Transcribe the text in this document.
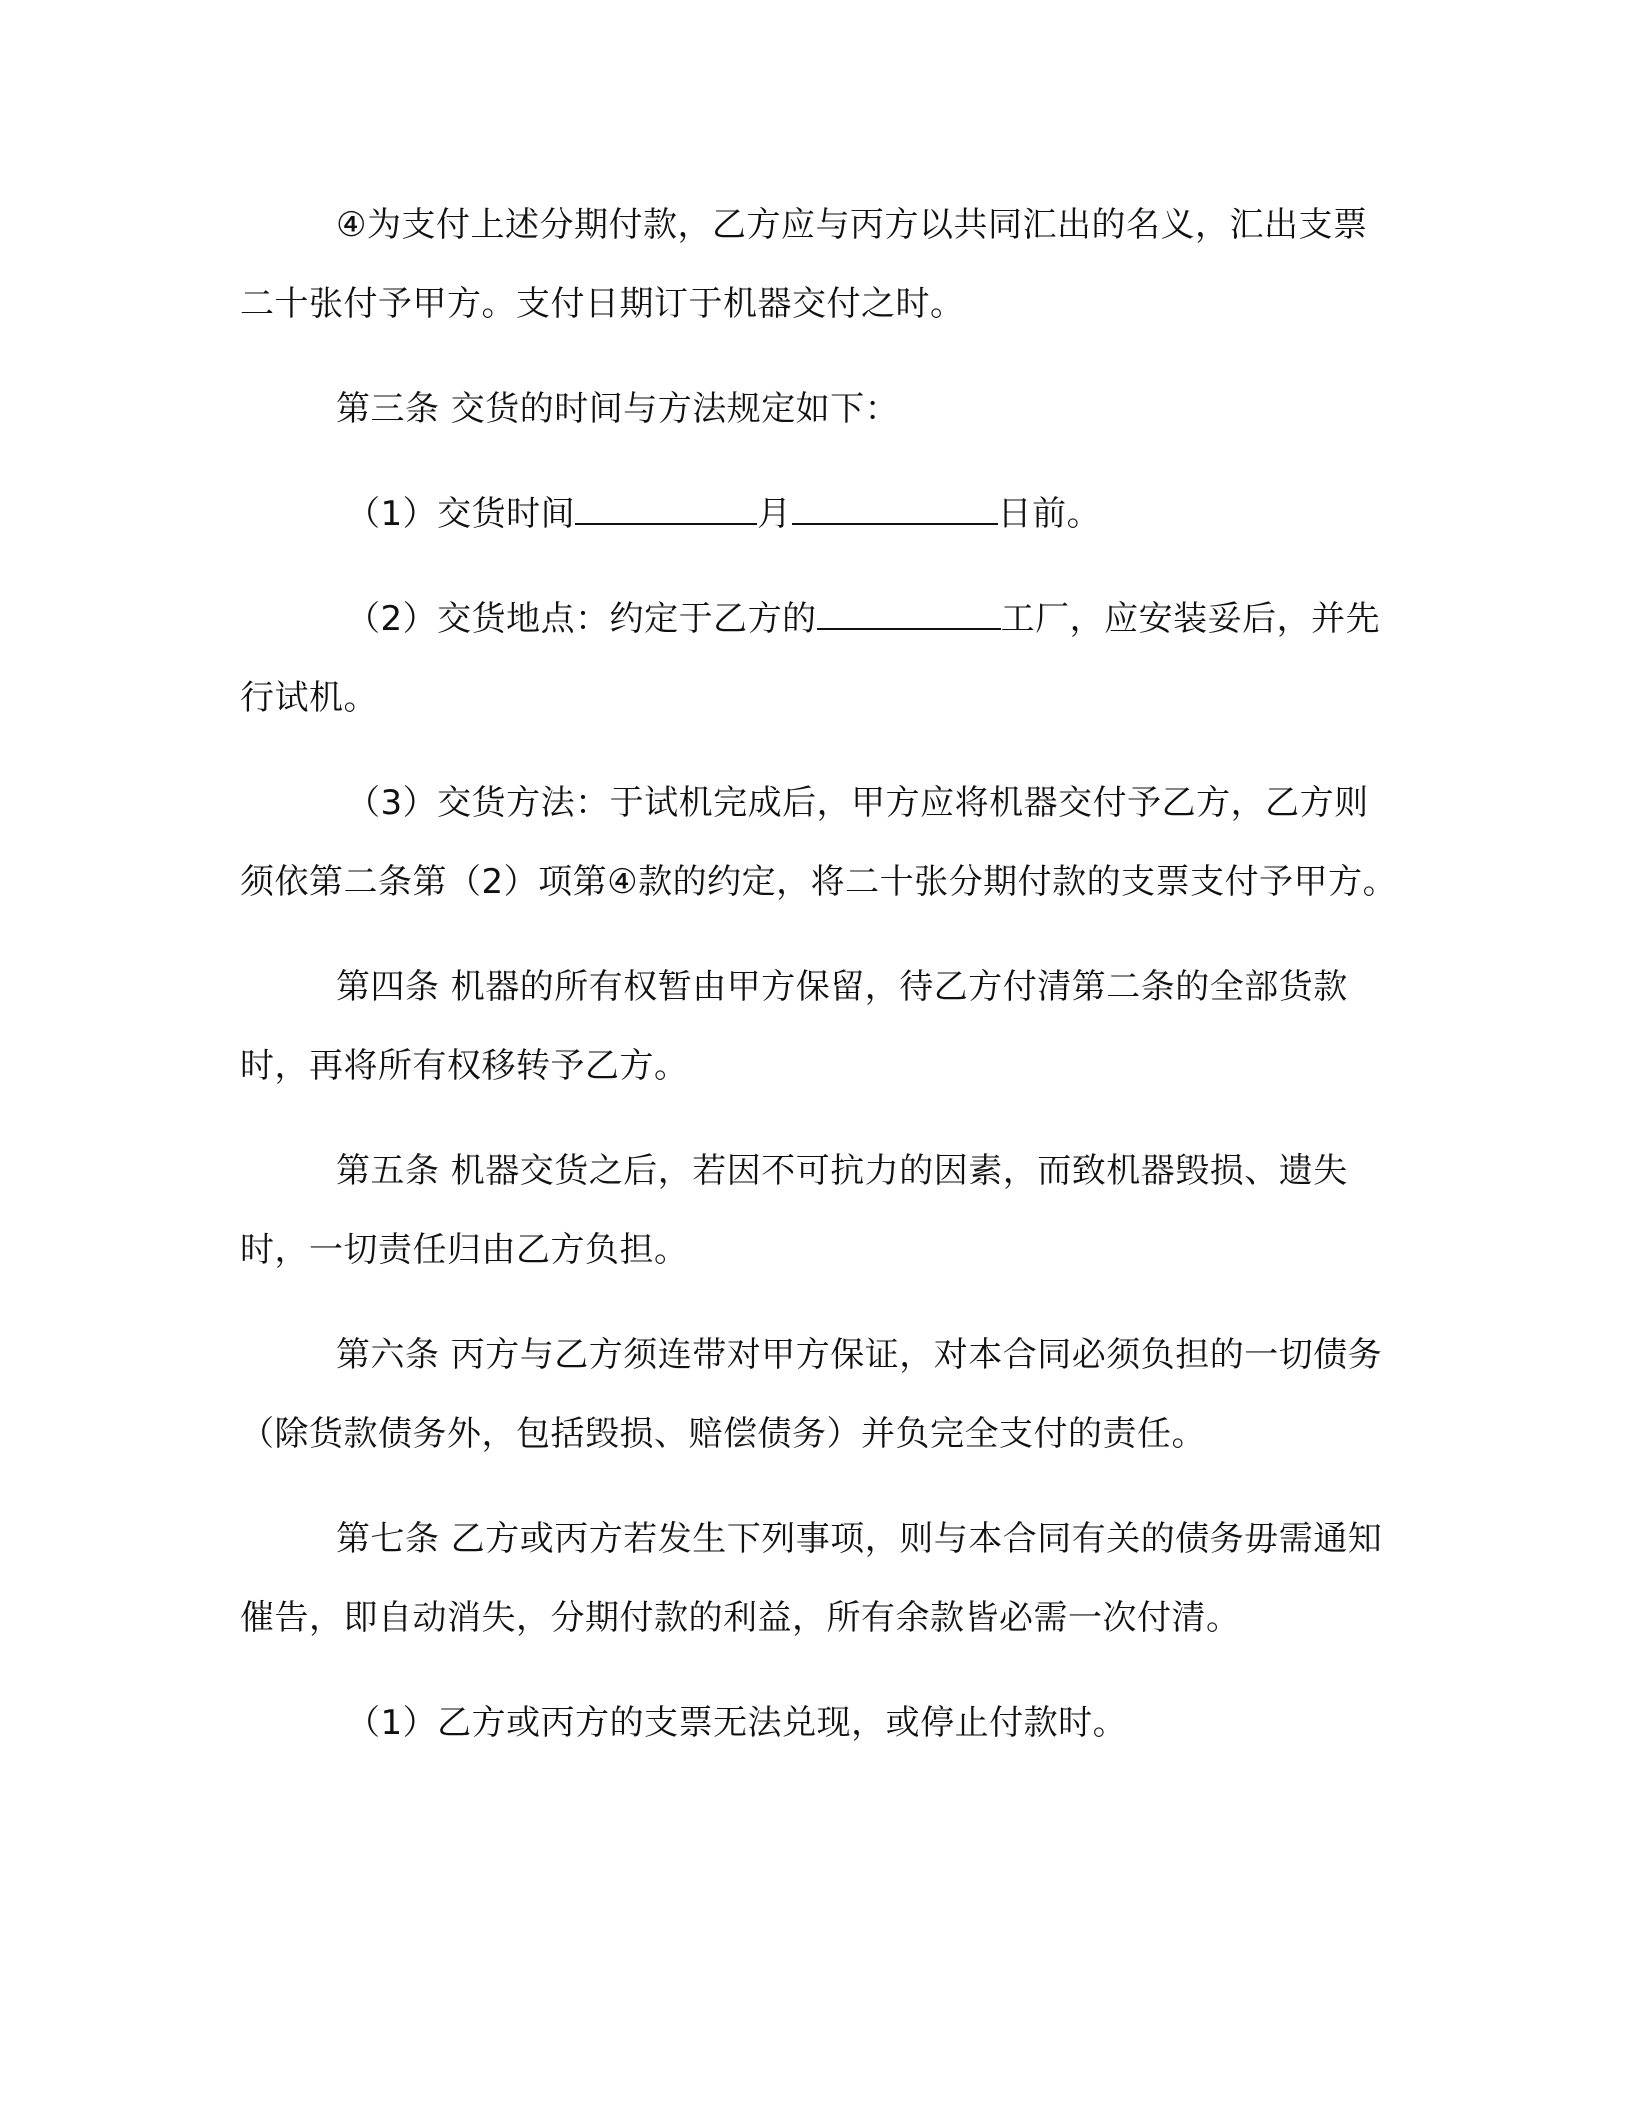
④为支付上述分期付款，乙方应与丙方以共同汇出的名义，汇出支票二十张付予甲方。支付日期订于机器交付之时。

第三条 交货的时间与方法规定如下：

（1）交货时间	月	日前。

（2）交货地点：约定于乙方的	工厂，应安装妥后，并先行试机。

（3）交货方法：于试机完成后，甲方应将机器交付予乙方，乙方则须依第二条第（2）项第④款的约定，将二十张分期付款的支票支付予甲方。

第四条 机器的所有权暂由甲方保留，待乙方付清第二条的全部货款时，再将所有权移转予乙方。

第五条 机器交货之后，若因不可抗力的因素，而致机器毁损、遗失时，一切责任归由乙方负担。

第六条 丙方与乙方须连带对甲方保证，对本合同必须负担的一切债务（除货款债务外，包括毁损、赔偿债务）并负完全支付的责任。

第七条 乙方或丙方若发生下列事项，则与本合同有关的债务毋需通知催告，即自动消失，分期付款的利益，所有余款皆必需一次付清。

（1）乙方或丙方的支票无法兑现，或停止付款时。
